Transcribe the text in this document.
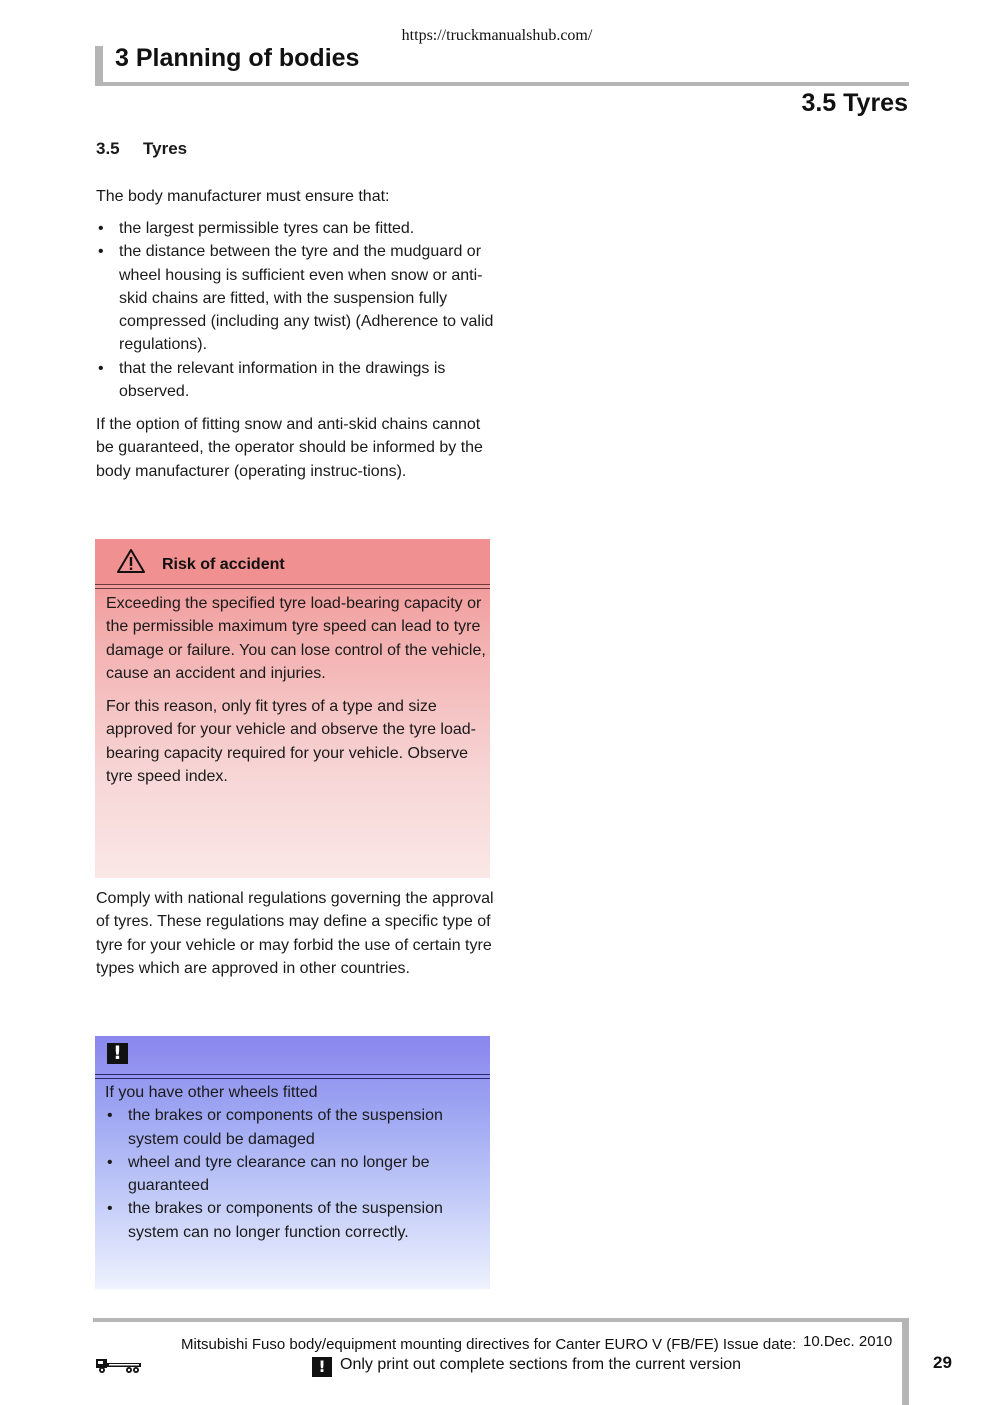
https://truckmanualshub.com/
3 Planning of bodies
3.5 Tyres
3.5 Tyres
The body manufacturer must ensure that:
• the largest permissible tyres can be fitted.
• the distance between the tyre and the mudguard or wheel housing is sufficient even when snow or anti-skid chains are fitted, with the suspension fully compressed (including any twist) (Adherence to valid regulations).
• that the relevant information in the drawings is observed.
If the option of fitting snow and anti-skid chains cannot be guaranteed, the operator should be informed by the body manufacturer (operating instruc-tions).
Risk of accident

Exceeding the specified tyre load-bearing capacity or the permissible maximum tyre speed can lead to tyre damage or failure. You can lose control of the vehicle, cause an accident and injuries.

For this reason, only fit tyres of a type and size approved for your vehicle and observe the tyre load-bearing capacity required for your vehicle. Observe tyre speed index.

Comply with national regulations governing the approval of tyres. These regulations may define a specific type of tyre for your vehicle or may forbid the use of certain tyre types which are approved in other countries.
!
If you have other wheels fitted
• the brakes or components of the suspension system could be damaged
• wheel and tyre clearance can no longer be guaranteed
• the brakes or components of the suspension system can no longer function correctly.
Mitsubishi Fuso body/equipment mounting directives for Canter EURO V (FB/FE) Issue date: 10.Dec. 2010
! Only print out complete sections from the current version	29
